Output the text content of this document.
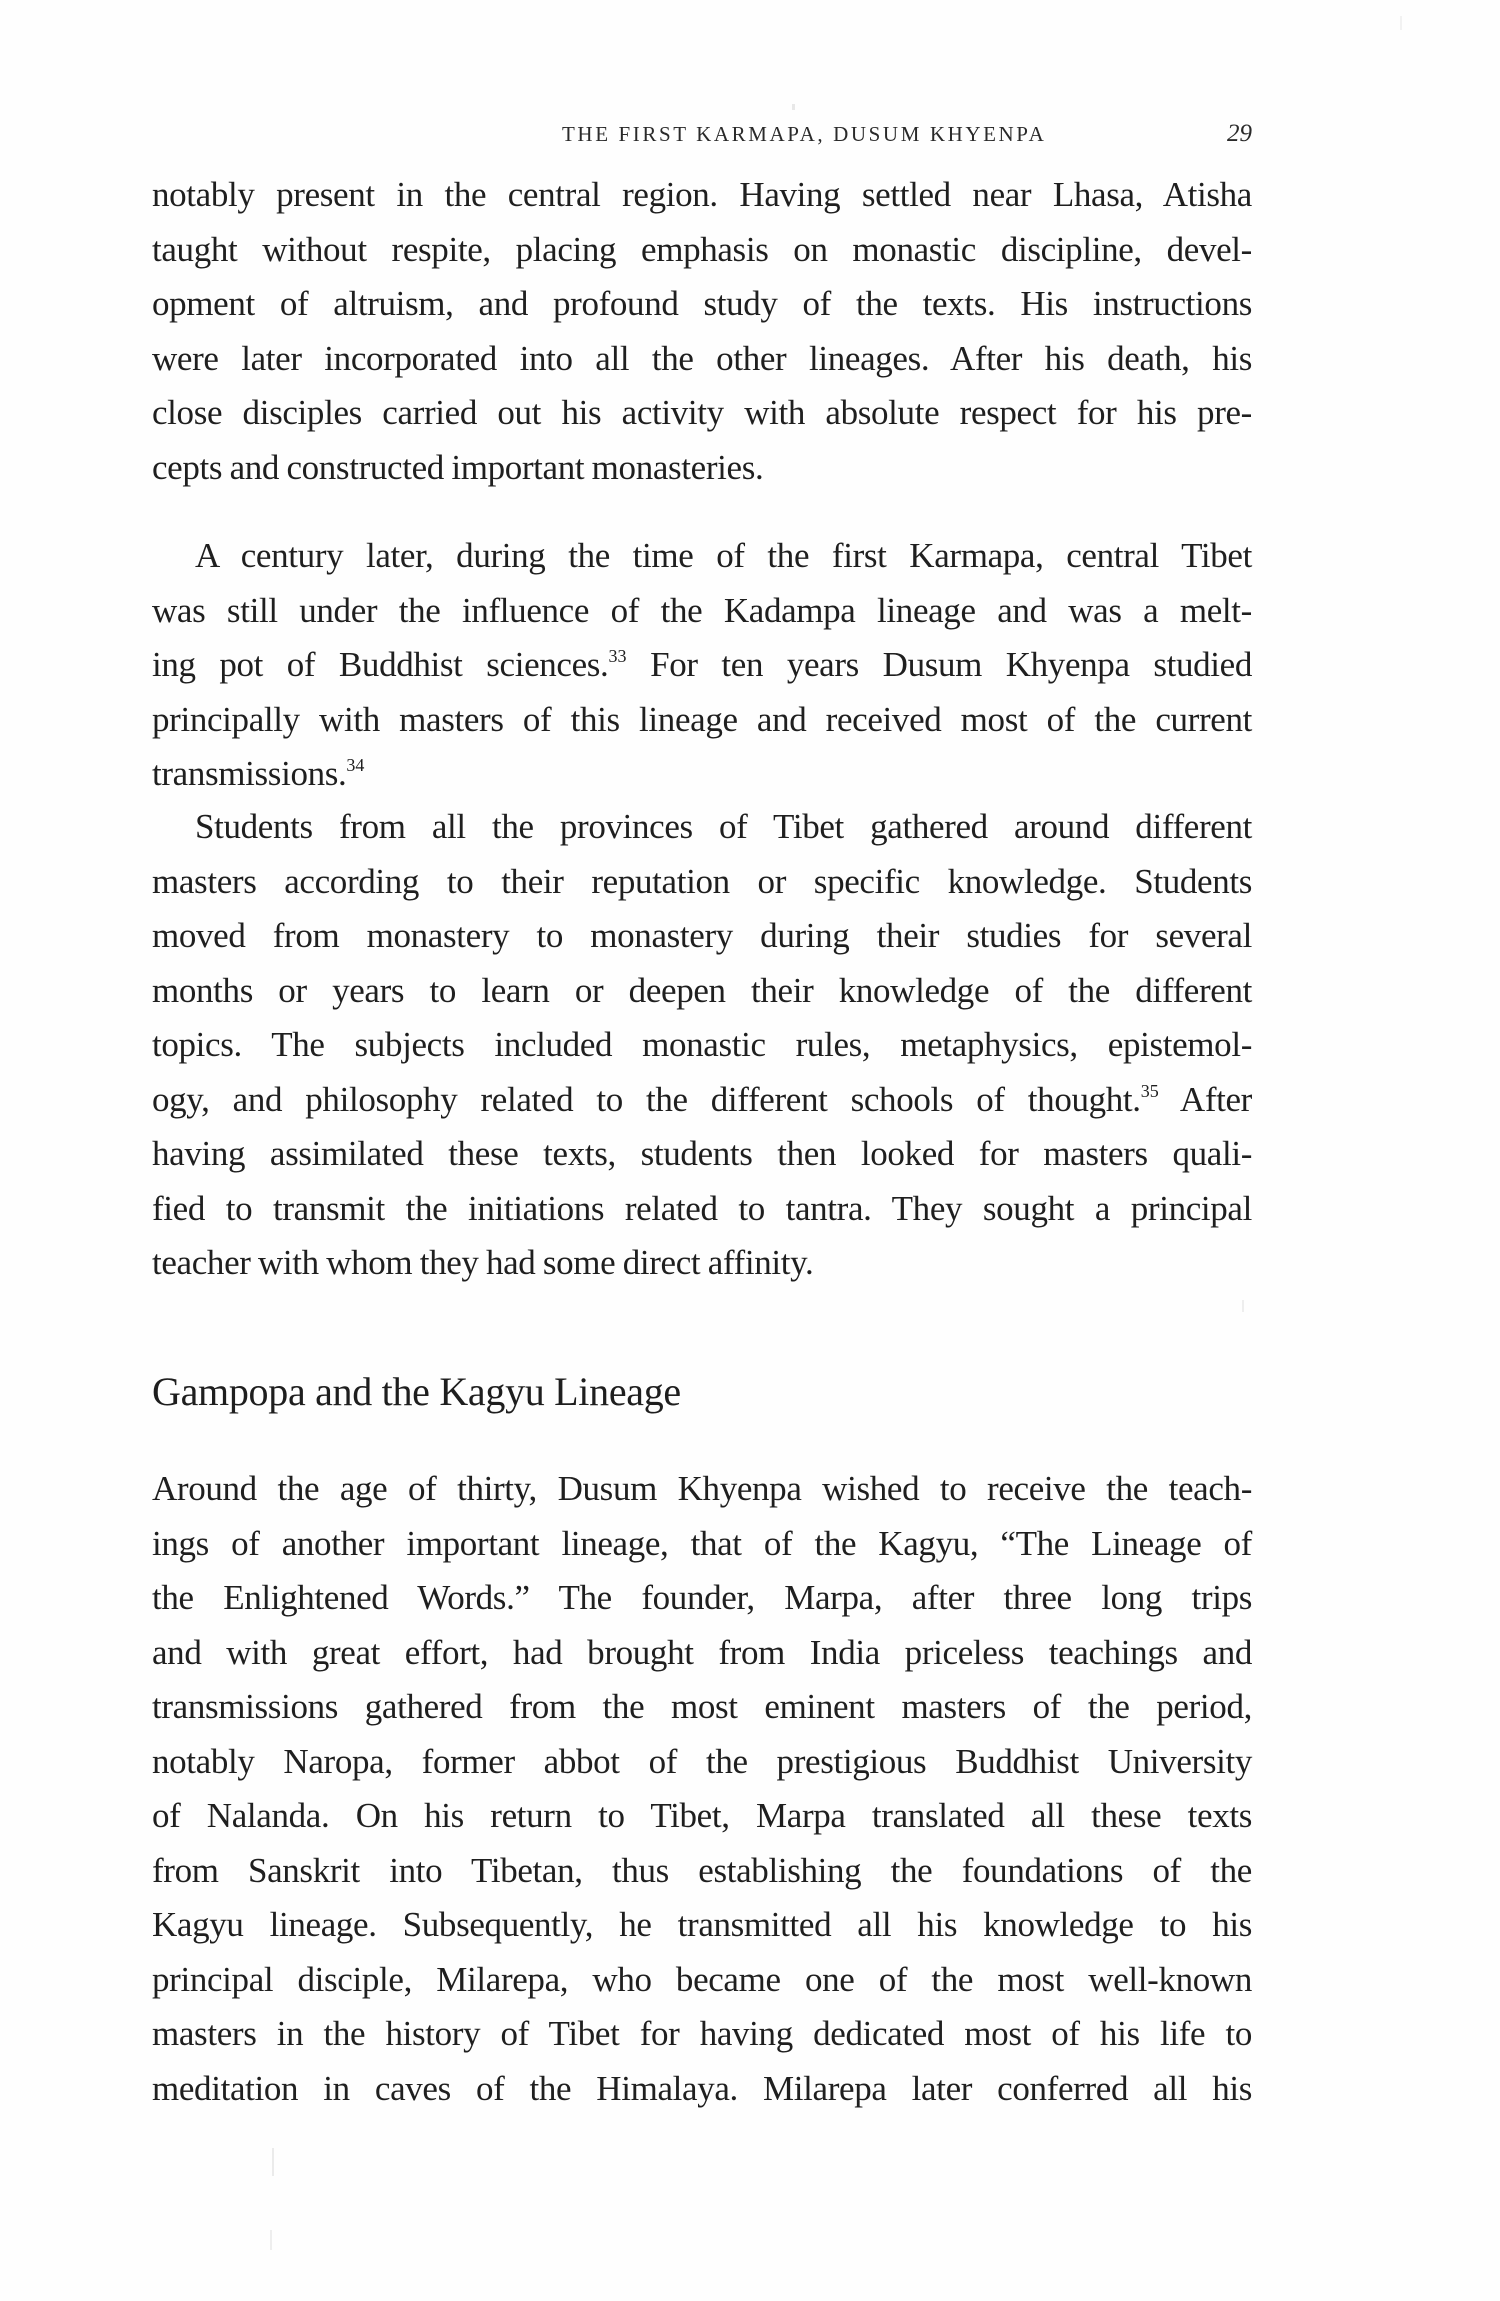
THE FIRST KARMAPA, DUSUM KHYENPA	29
notably present in the central region. Having settled near Lhasa, Atisha
taught without respite, placing emphasis on monastic discipline, devel-
opment of altruism, and profound study of the texts. His instructions
were later incorporated into all the other lineages. After his death, his
close disciples carried out his activity with absolute respect for his pre-
cepts and constructed important monasteries.
A century later, during the time of the first Karmapa, central Tibet
was still under the influence of the Kadampa lineage and was a melt-
ing pot of Buddhist sciences.$^{33}$ For ten years Dusum Khyenpa studied
principally with masters of this lineage and received most of the current
transmissions.$^{34}$
Students from all the provinces of Tibet gathered around different
masters according to their reputation or specific knowledge. Students
moved from monastery to monastery during their studies for several
months or years to learn or deepen their knowledge of the different
topics. The subjects included monastic rules, metaphysics, epistemol-
ogy, and philosophy related to the different schools of thought.$^{35}$ After
having assimilated these texts, students then looked for masters quali-
fied to transmit the initiations related to tantra. They sought a principal
teacher with whom they had some direct affinity.
Gampopa and the Kagyu Lineage
Around the age of thirty, Dusum Khyenpa wished to receive the teach-
ings of another important lineage, that of the Kagyu, “The Lineage of
the Enlightened Words.” The founder, Marpa, after three long trips
and with great effort, had brought from India priceless teachings and
transmissions gathered from the most eminent masters of the period,
notably Naropa, former abbot of the prestigious Buddhist University
of Nalanda. On his return to Tibet, Marpa translated all these texts
from Sanskrit into Tibetan, thus establishing the foundations of the
Kagyu lineage. Subsequently, he transmitted all his knowledge to his
principal disciple, Milarepa, who became one of the most well-known
masters in the history of Tibet for having dedicated most of his life to
meditation in caves of the Himalaya. Milarepa later conferred all his
